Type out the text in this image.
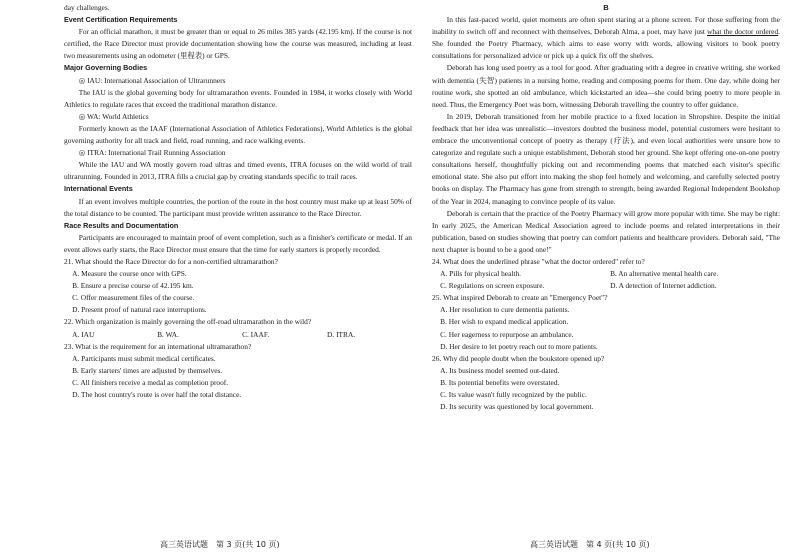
day challenges.

Event Certification Requirements

For an official marathon, it must be greater than or equal to 26 miles 385 yards (42.195 km). If the course is not certified, the Race Director must provide documentation showing how the course was measured, including at least two measurements using an odometer (里程表) or GPS.

Major Governing Bodies

◎ IAU: International Association of Ultrarunners

The IAU is the global governing body for ultramarathon events. Founded in 1984, it works closely with World Athletics to regulate races that exceed the traditional marathon distance.

◎ WA: World Athletics

Formerly known as the IAAF (International Association of Athletics Federations), World Athletics is the global governing authority for all track and field, road running, and race walking events.

◎ ITRA: International Trail Running Association

While the IAU and WA mostly govern road ultras and timed events, ITRA focuses on the wild world of trail ultrarunning. Founded in 2013, ITRA fills a crucial gap by creating standards specific to trail races.

International Events

If an event involves multiple countries, the portion of the route in the host country must make up at least 50% of the total distance to be counted. The participant must provide written assurance to the Race Director.

Race Results and Documentation

Participants are encouraged to maintain proof of event completion, such as a finisher's certificate or medal. If an event allows early starts, the Race Director must ensure that the time for early starters is properly recorded.

21. What should the Race Director do for a non-certified ultramarathon?

A. Measure the course once with GPS.

B. Ensure a precise course of 42.195 km.

C. Offer measurement files of the course.

D. Present proof of natural race interruptions.

22. Which organization is mainly governing the off-road ultramarathon in the wild?

A. IAU	B. WA.	C. IAAF.	D. ITRA.

23. What is the requirement for an international ultramarathon?

A. Participants must submit medical certificates.

B. Early starters' times are adjusted by themselves.

C. All finishers receive a medal as completion proof.

D. The host country's route is over half the total distance.

B

In this fast-paced world, quiet moments are often spent staring at a phone screen. For those suffering from the inability to switch off and reconnect with themselves, Deborah Alma, a poet, may have just what the doctor ordered. She founded the Poetry Pharmacy, which aims to ease worry with words, allowing visitors to book poetry consultations for personalized advice or pick up a quick fix off the shelves.

Deborah has long used poetry as a tool for good. After graduating with a degree in creative writing, she worked with dementia (失智) patients in a nursing home, reading and composing poems for them. One day, while doing her routine work, she spotted an old ambulance, which kickstarted an idea—she could bring poetry to more people in need. Thus, the Emergency Poet was born, witnessing Deborah travelling the country to offer guidance.

In 2019, Deborah transitioned from her mobile practice to a fixed location in Shropshire. Despite the initial feedback that her idea was unrealistic—investors doubted the business model, potential customers were hesitant to embrace the unconventional concept of poetry as therapy (疗法), and even local authorities were unsure how to categorize and regulate such a unique establishment, Deborah stood her ground. She kept offering one-on-one poetry consultations herself, thoughtfully picking out and recommending poems that matched each visitor's specific emotional state. She also put effort into making the shop feel homely and welcoming, and carefully selected poetry books on display. The Pharmacy has gone from strength to strength, being awarded Regional Independent Bookshop of the Year in 2024, managing to convince people of its value.

Deborah is certain that the practice of the Poetry Pharmacy will grow more popular with time. She may be right: In early 2025, the American Medical Association agreed to include poems and related interpretations in their publication, based on studies showing that poetry can comfort patients and healthcare providers. Deborah said, "The next chapter is bound to be a good one!"

24. What does the underlined phrase "what the doctor ordered" refer to?

A. Pills for physical health.	B. An alternative mental health care.
C. Regulations on screen exposure.	D. A detection of Internet addiction.

25. What inspired Deborah to create an "Emergency Poet"?

A. Her resolution to cure dementia patients.

B. Her wish to expand medical application.

C. Her eagerness to repurpose an ambulance.

D. Her desire to let poetry reach out to more patients.

26. Why did people doubt when the bookstore opened up?

A. Its business model seemed out-dated.

B. Its potential benefits were overstated.

C. Its value wasn't fully recognized by the public.

D. Its security was questioned by local government.

高三英语试题　第 3 页(共 10 页)	高三英语试题　第 4 页(共 10 页)
